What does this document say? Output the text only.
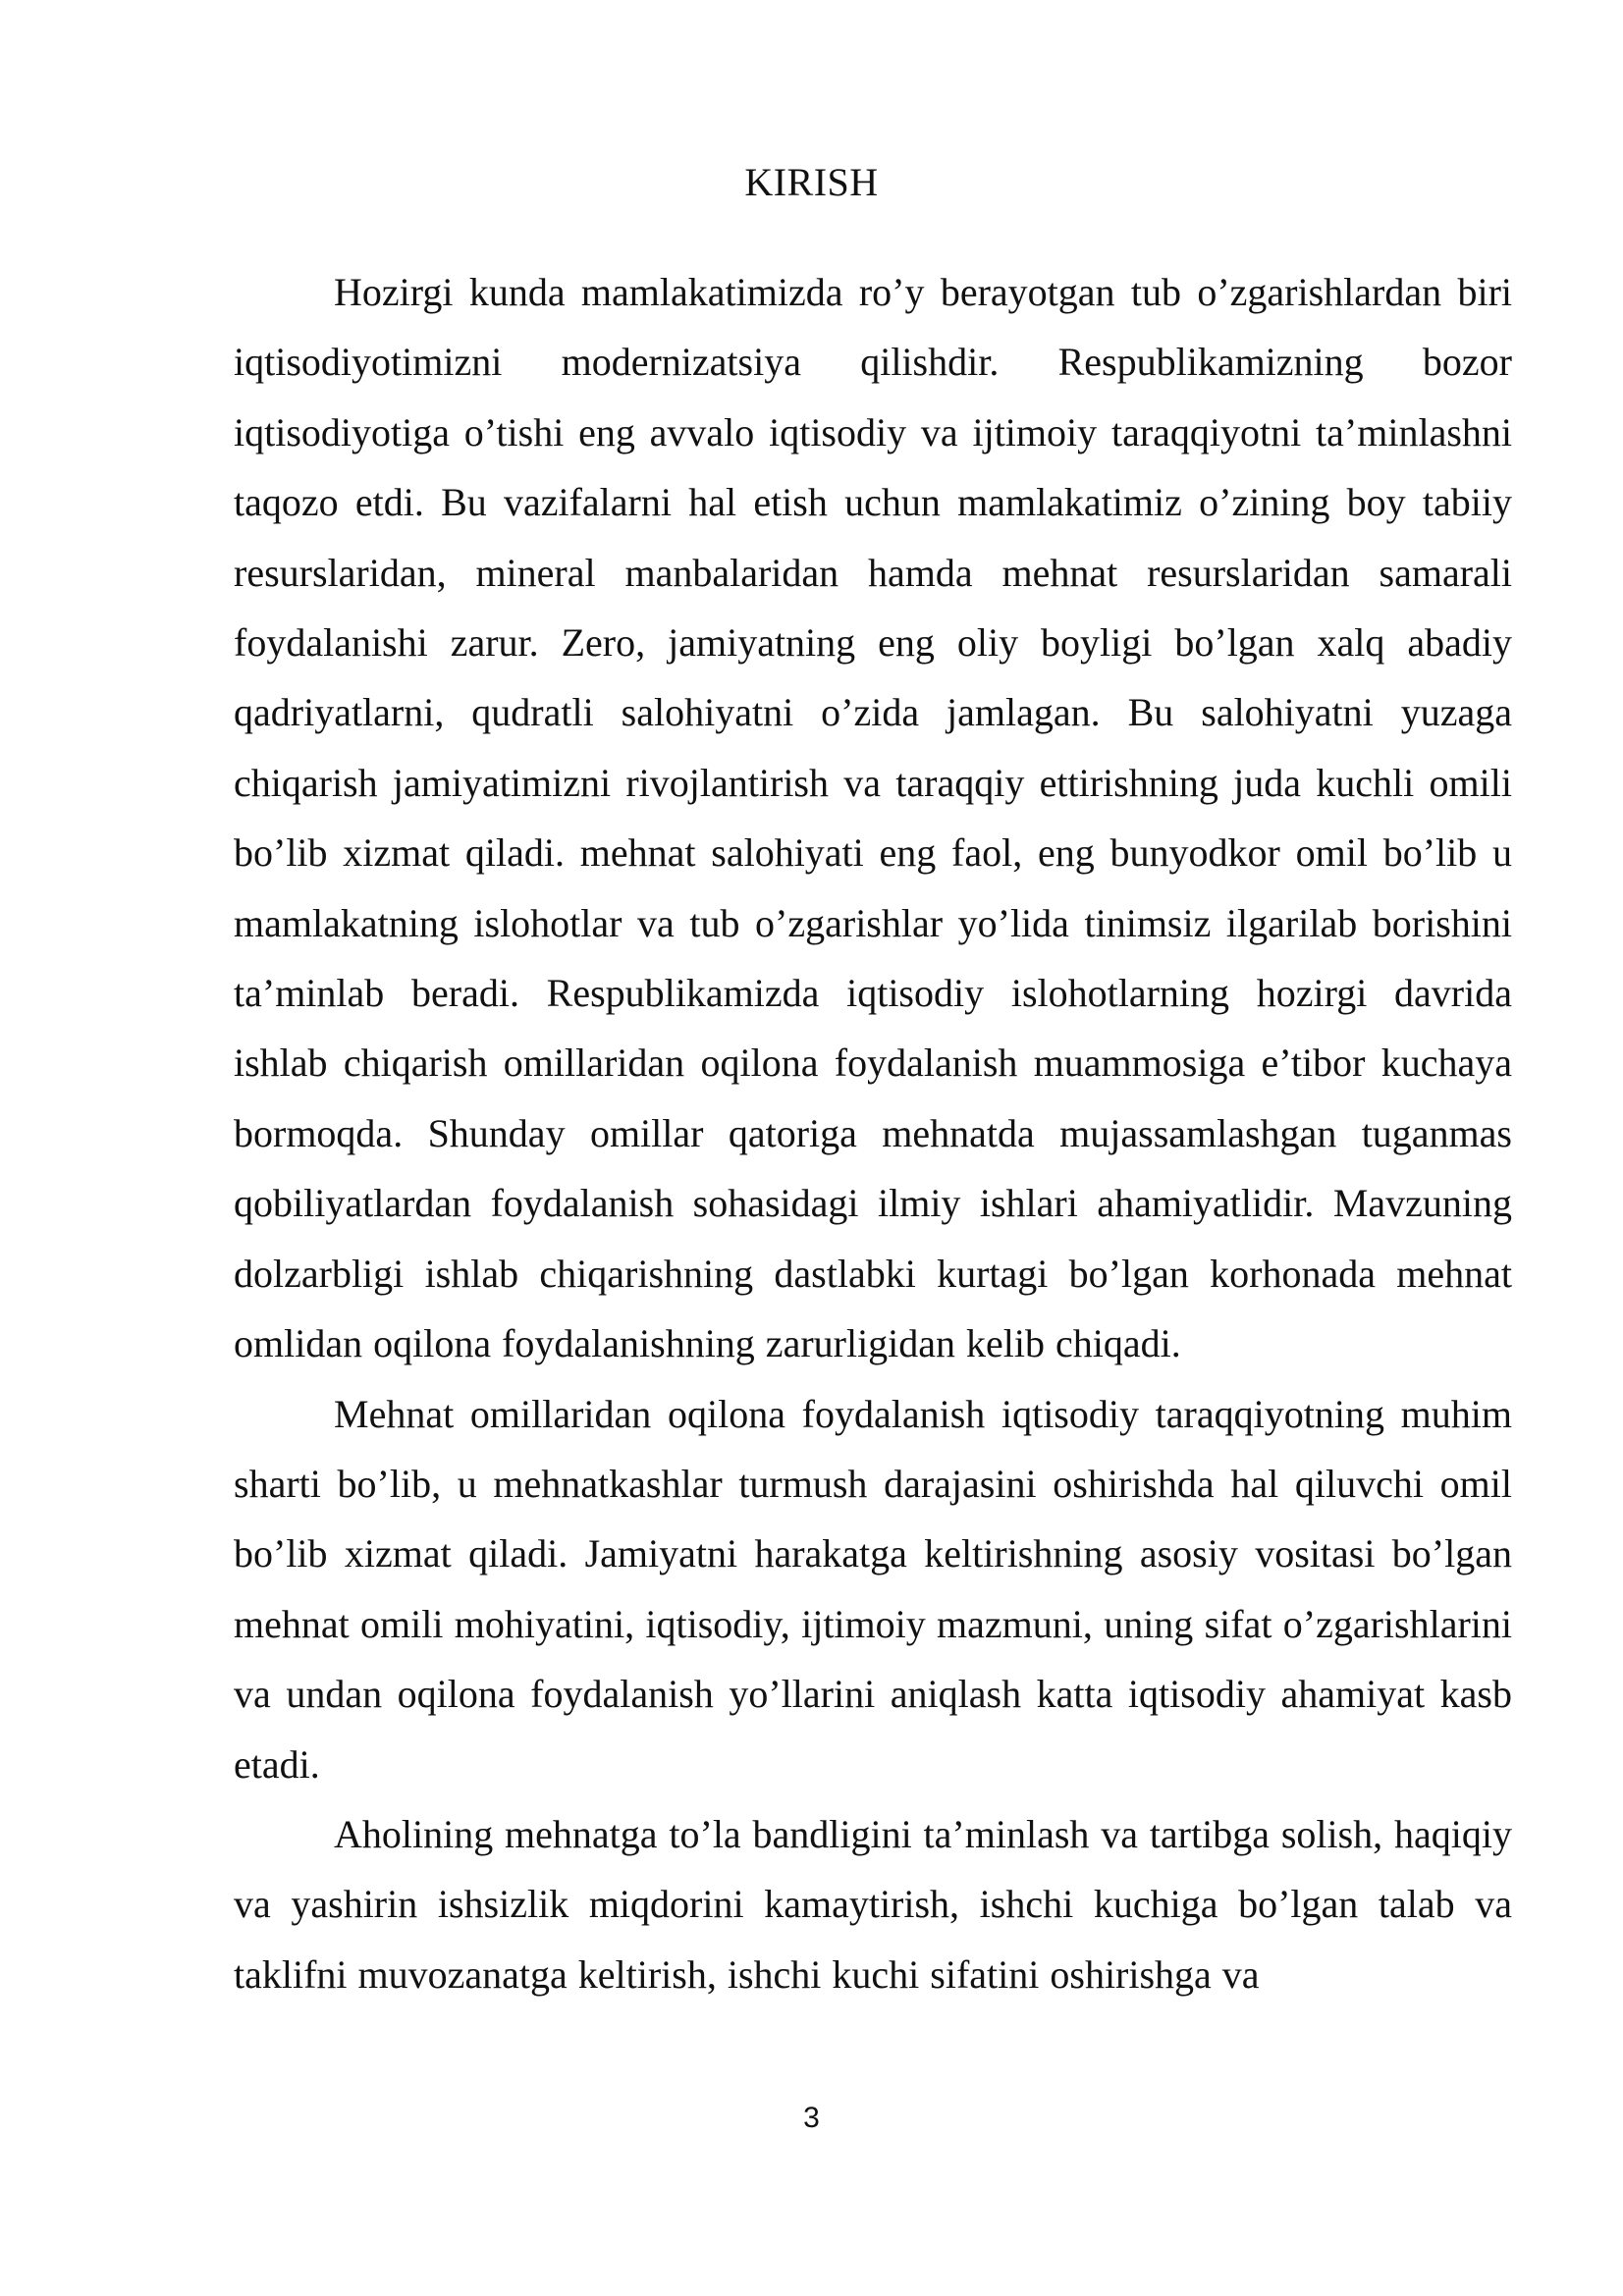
KIRISH

Hozirgi kunda mamlakatimizda ro’y berayotgan tub o’zgarishlardan biri iqtisodiyotimizni modernizatsiya qilishdir. Respublikamizning bozor iqtisodiyotiga o’tishi eng avvalo iqtisodiy va ijtimoiy taraqqiyotni ta’minlashni taqozo etdi. Bu vazifalarni hal etish uchun mamlakatimiz o’zining boy tabiiy resurslaridan, mineral manbalaridan hamda mehnat resurslaridan samarali foydalanishi zarur. Zero, jamiyatning eng oliy boyligi bo’lgan xalq abadiy qadriyatlarni, qudratli salohiyatni o’zida jamlagan. Bu salohiyatni yuzaga chiqarish jamiyatimizni rivojlantirish va taraqqiy ettirishning juda kuchli omili bo’lib xizmat qiladi. mehnat salohiyati eng faol, eng bunyodkor omil bo’lib u mamlakatning islohotlar va tub o’zgarishlar yo’lida tinimsiz ilgarilab borishini ta’minlab beradi. Respublikamizda iqtisodiy islohotlarning hozirgi davrida ishlab chiqarish omillaridan oqilona foydalanish muammosiga e’tibor kuchaya bormoqda. Shunday omillar qatoriga mehnatda mujassamlashgan tuganmas qobiliyatlardan foydalanish sohasidagi ilmiy ishlari ahamiyatlidir. Mavzuning dolzarbligi ishlab chiqarishning dastlabki kurtagi bo’lgan korhonada mehnat omlidan oqilona foydalanishning zarurligidan kelib chiqadi.

Mehnat omillaridan oqilona foydalanish iqtisodiy taraqqiyotning muhim sharti bo’lib, u mehnatkashlar turmush darajasini oshirishda hal qiluvchi omil bo’lib xizmat qiladi. Jamiyatni harakatga keltirishning asosiy vositasi bo’lgan mehnat omili mohiyatini, iqtisodiy, ijtimoiy mazmuni, uning sifat o’zgarishlarini va undan oqilona foydalanish yo’llarini aniqlash katta iqtisodiy ahamiyat kasb etadi.

Aholining mehnatga to’la bandligini ta’minlash va tartibga solish, haqiqiy va yashirin ishsizlik miqdorini kamaytirish, ishchi kuchiga bo’lgan talab va taklifni muvozanatga keltirish, ishchi kuchi sifatini oshirishga va

3
